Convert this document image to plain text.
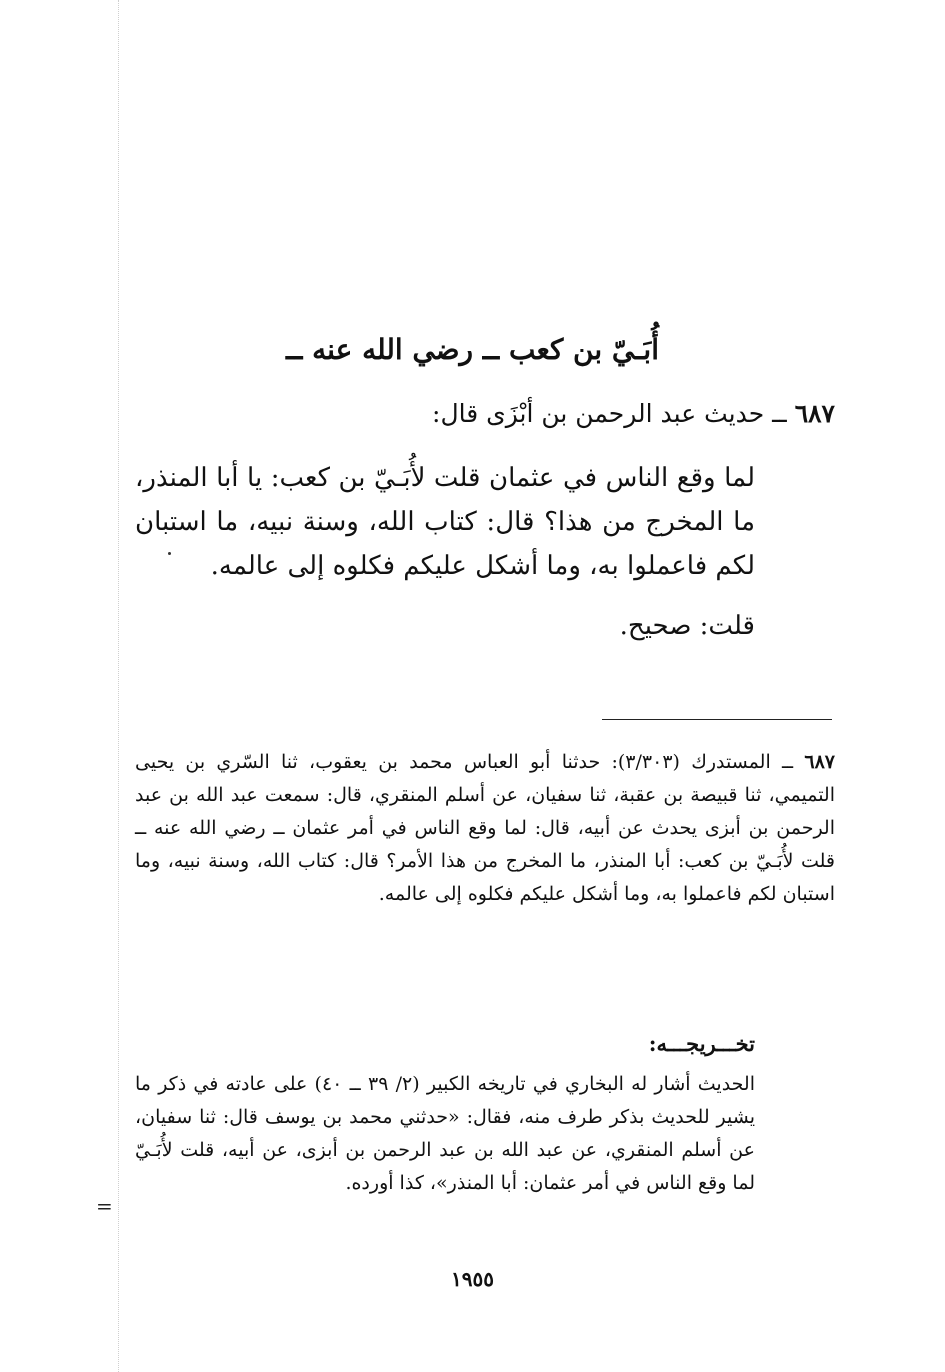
=
أُبَـيّ بن كعب ــ رضي الله عنه ــ
٦٨٧ ــ حديث عبد الرحمن بن أبْزَى قال:

لما وقع الناس في عثمان قلت لأُبَـيّ بن كعب: يا أبا المنذر، ما المخرج من هذا؟ قال: كتاب الله، وسنة نبيه، ما استبان لكم فاعملوا به، وما أشكل عليكم فكلوه إلى عالمه.

قلت: صحيح.
٦٨٧ ــ المستدرك (٣/٣٠٣): حدثنا أبو العباس محمد بن يعقوب، ثنا السّري بن يحيى التميمي، ثنا قبيصة بن عقبة، ثنا سفيان، عن أسلم المنقري، قال: سمعت عبد الله بن عبد الرحمن بن أبزى يحدث عن أبيه، قال: لما وقع الناس في أمر عثمان ــ رضي الله عنه ــ قلت لأُبَـيّ بن كعب: أبا المنذر، ما المخرج من هذا الأمر؟ قال: كتاب الله، وسنة نبيه، وما استبان لكم فاعملوا به، وما أشكل عليكم فكلوه إلى عالمه.
تخـــريجـــه:
الحديث أشار له البخاري في تاريخه الكبير (٢/ ٣٩ ــ ٤٠) على عادته في ذكر ما يشير للحديث بذكر طرف منه، فقال: «حدثني محمد بن يوسف قال: ثنا سفيان، عن أسلم المنقري، عن عبد الله بن عبد الرحمن بن أبزى، عن أبيه، قلت لأُبَـيّ لما وقع الناس في أمر عثمان: أبا المنذر»، كذا أورده.
١٩٥٥
